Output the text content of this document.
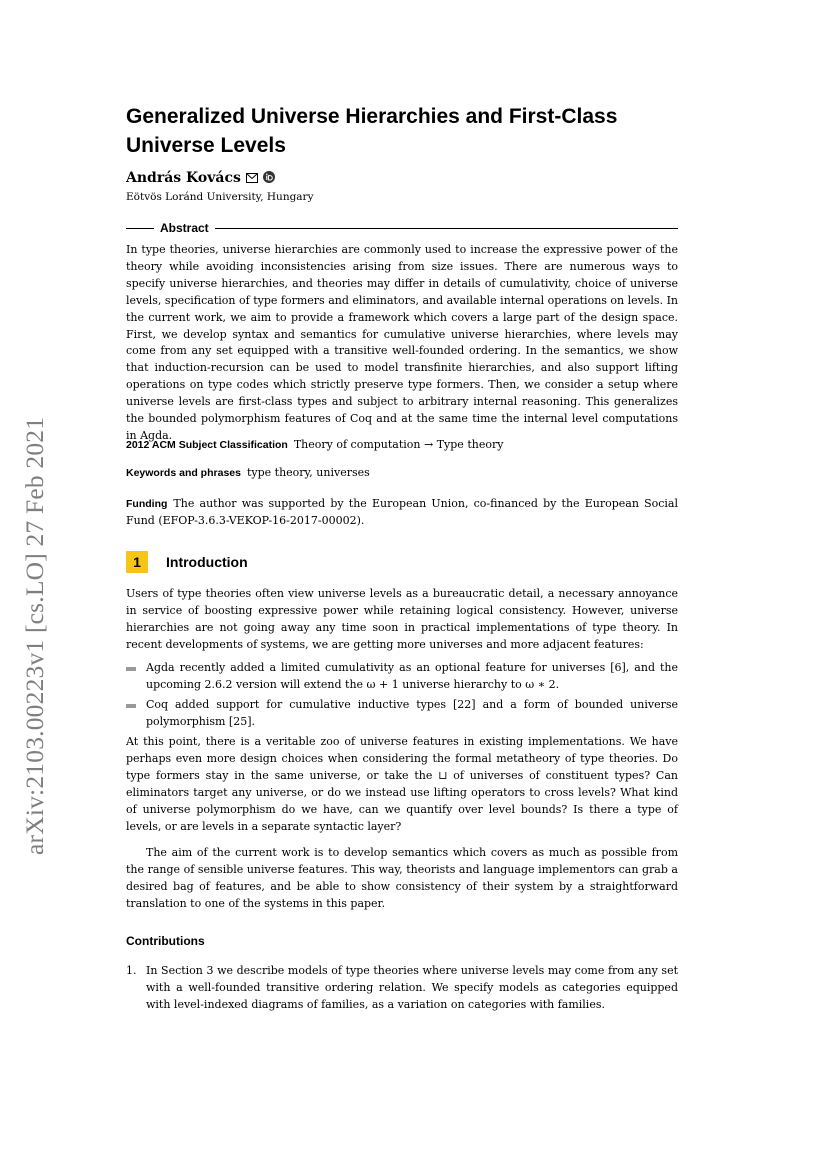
arXiv:2103.00223v1 [cs.LO] 27 Feb 2021
Generalized Universe Hierarchies and First-Class Universe Levels
András Kovács
Eötvös Loránd University, Hungary
Abstract

In type theories, universe hierarchies are commonly used to increase the expressive power of the theory while avoiding inconsistencies arising from size issues. There are numerous ways to specify universe hierarchies, and theories may differ in details of cumulativity, choice of universe levels, specification of type formers and eliminators, and available internal operations on levels. In the current work, we aim to provide a framework which covers a large part of the design space. First, we develop syntax and semantics for cumulative universe hierarchies, where levels may come from any set equipped with a transitive well-founded ordering. In the semantics, we show that induction-recursion can be used to model transfinite hierarchies, and also support lifting operations on type codes which strictly preserve type formers. Then, we consider a setup where universe levels are first-class types and subject to arbitrary internal reasoning. This generalizes the bounded polymorphism features of Coq and at the same time the internal level computations in Agda.

2012 ACM Subject Classification Theory of computation → Type theory
Keywords and phrases type theory, universes
Funding The author was supported by the European Union, co-financed by the European Social Fund (EFOP-3.6.3-VEKOP-16-2017-00002).
1	Introduction

Users of type theories often view universe levels as a bureaucratic detail, a necessary annoyance in service of boosting expressive power while retaining logical consistency. However, universe hierarchies are not going away any time soon in practical implementations of type theory. In recent developments of systems, we are getting more universes and more adjacent features:

Agda recently added a limited cumulativity as an optional feature for universes [6], and the upcoming 2.6.2 version will extend the ω + 1 universe hierarchy to ω ∗ 2.
Coq added support for cumulative inductive types [22] and a form of bounded universe polymorphism [25].

At this point, there is a veritable zoo of universe features in existing implementations. We have perhaps even more design choices when considering the formal metatheory of type theories. Do type formers stay in the same universe, or take the ⊔ of universes of constituent types? Can eliminators target any universe, or do we instead use lifting operators to cross levels? What kind of universe polymorphism do we have, can we quantify over level bounds? Is there a type of levels, or are levels in a separate syntactic layer?

The aim of the current work is to develop semantics which covers as much as possible from the range of sensible universe features. This way, theorists and language implementors can grab a desired bag of features, and be able to show consistency of their system by a straightforward translation to one of the systems in this paper.

Contributions
1. In Section 3 we describe models of type theories where universe levels may come from any set with a well-founded transitive ordering relation. We specify models as categories equipped with level-indexed diagrams of families, as a variation on categories with families.
